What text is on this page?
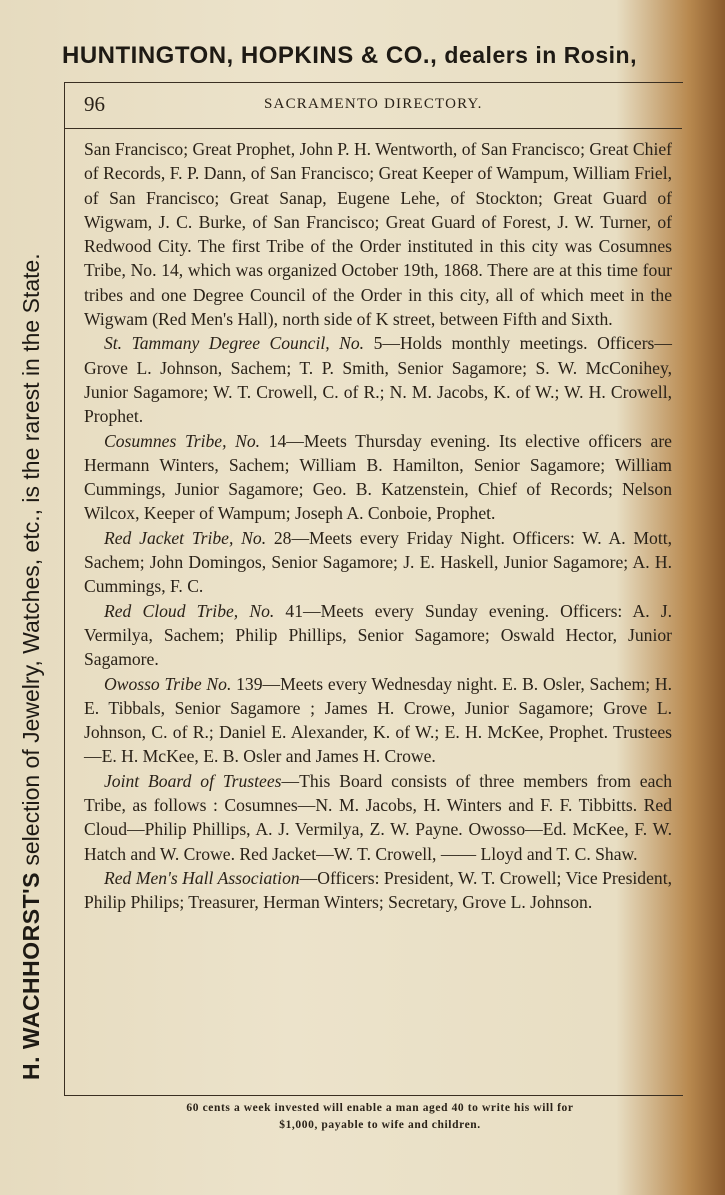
HUNTINGTON, HOPKINS & CO., dealers in Rosin,
H. WACHHORST'S selection of Jewelry, Watches, etc., is the rarest in the State.
96	SACRAMENTO DIRECTORY.

San Francisco; Great Prophet, John P. H. Wentworth, of San Francisco; Great Chief of Records, F. P. Dann, of San Francisco; Great Keeper of Wampum, William Friel, of San Francisco; Great Sanap, Eugene Lehe, of Stockton; Great Guard of Wigwam, J. C. Burke, of San Francisco; Great Guard of Forest, J. W. Turner, of Redwood City. The first Tribe of the Order instituted in this city was Cosumnes Tribe, No. 14, which was organized October 19th, 1868. There are at this time four tribes and one Degree Council of the Order in this city, all of which meet in the Wigwam (Red Men's Hall), north side of K street, between Fifth and Sixth.

St. Tammany Degree Council, No. 5—Holds monthly meetings. Officers—Grove L. Johnson, Sachem; T. P. Smith, Senior Sagamore; S. W. McConihey, Junior Sagamore; W. T. Crowell, C. of R.; N. M. Jacobs, K. of W.; W. H. Crowell, Prophet.

Cosumnes Tribe, No. 14—Meets Thursday evening. Its elective officers are Hermann Winters, Sachem; William B. Hamilton, Senior Sagamore; William Cummings, Junior Sagamore; Geo. B. Katzenstein, Chief of Records; Nelson Wilcox, Keeper of Wampum; Joseph A. Conboie, Prophet.

Red Jacket Tribe, No. 28—Meets every Friday Night. Officers: W. A. Mott, Sachem; John Domingos, Senior Sagamore; J. E. Haskell, Junior Sagamore; A. H. Cummings, F. C.

Red Cloud Tribe, No. 41—Meets every Sunday evening. Officers: A. J. Vermilya, Sachem; Philip Phillips, Senior Sagamore; Oswald Hector, Junior Sagamore.

Owosso Tribe No. 139—Meets every Wednesday night. E. B. Osler, Sachem; H. E. Tibbals, Senior Sagamore ; James H. Crowe, Junior Sagamore; Grove L. Johnson, C. of R.; Daniel E. Alexander, K. of W.; E. H. McKee, Prophet. Trustees—E. H. McKee, E. B. Osler and James H. Crowe.

Joint Board of Trustees—This Board consists of three members from each Tribe, as follows : Cosumnes—N. M. Jacobs, H. Winters and F. F. Tibbitts. Red Cloud—Philip Phillips, A. J. Vermilya, Z. W. Payne. Owosso—Ed. McKee, F. W. Hatch and W. Crowe. Red Jacket—W. T. Crowell, —— Lloyd and T. C. Shaw.

Red Men's Hall Association—Officers: President, W. T. Crowell; Vice President, Philip Philips; Treasurer, Herman Winters; Secretary, Grove L. Johnson.

60 cents a week invested will enable a man aged 40 to write his will for
$1,000, payable to wife and children.
